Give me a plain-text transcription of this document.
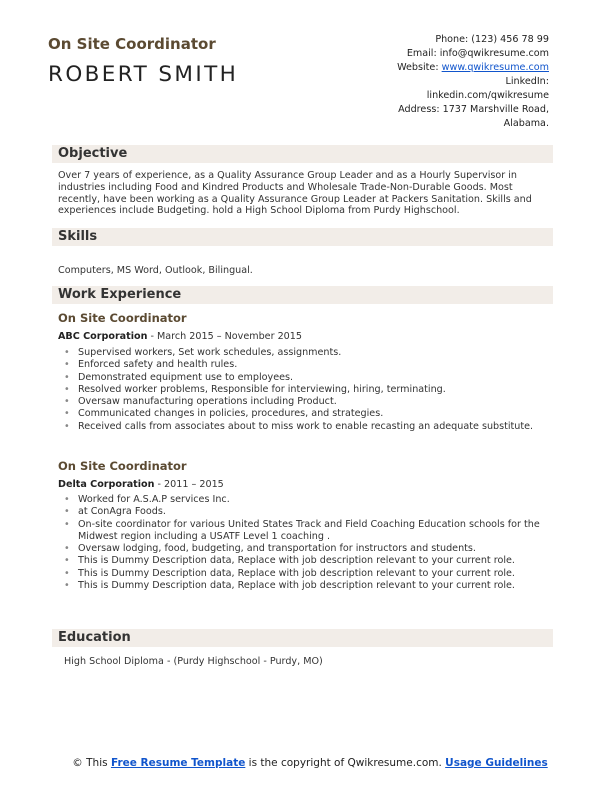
On Site Coordinator
ROBERT SMITH
Phone: (123) 456 78 99
Email: info@qwikresume.com
Website: www.qwikresume.com
LinkedIn:
linkedin.com/qwikresume
Address: 1737 Marshville Road,
Alabama.
Objective
Over 7 years of experience, as a Quality Assurance Group Leader and as a Hourly Supervisor in industries including Food and Kindred Products and Wholesale Trade-Non-Durable Goods. Most recently, have been working as a Quality Assurance Group Leader at Packers Sanitation. Skills and experiences include Budgeting. hold a High School Diploma from Purdy Highschool.
Skills
Computers, MS Word, Outlook, Bilingual.
Work Experience
On Site Coordinator
ABC Corporation - March 2015 – November 2015
• Supervised workers, Set work schedules, assignments.
• Enforced safety and health rules.
• Demonstrated equipment use to employees.
• Resolved worker problems, Responsible for interviewing, hiring, terminating.
• Oversaw manufacturing operations including Product.
• Communicated changes in policies, procedures, and strategies.
• Received calls from associates about to miss work to enable recasting an adequate substitute.
On Site Coordinator
Delta Corporation - 2011 – 2015
• Worked for A.S.A.P services Inc.
• at ConAgra Foods.
• On-site coordinator for various United States Track and Field Coaching Education schools for the Midwest region including a USATF Level 1 coaching .
• Oversaw lodging, food, budgeting, and transportation for instructors and students.
• This is Dummy Description data, Replace with job description relevant to your current role.
• This is Dummy Description data, Replace with job description relevant to your current role.
• This is Dummy Description data, Replace with job description relevant to your current role.
Education
High School Diploma - (Purdy Highschool - Purdy, MO)
© This Free Resume Template is the copyright of Qwikresume.com. Usage Guidelines
